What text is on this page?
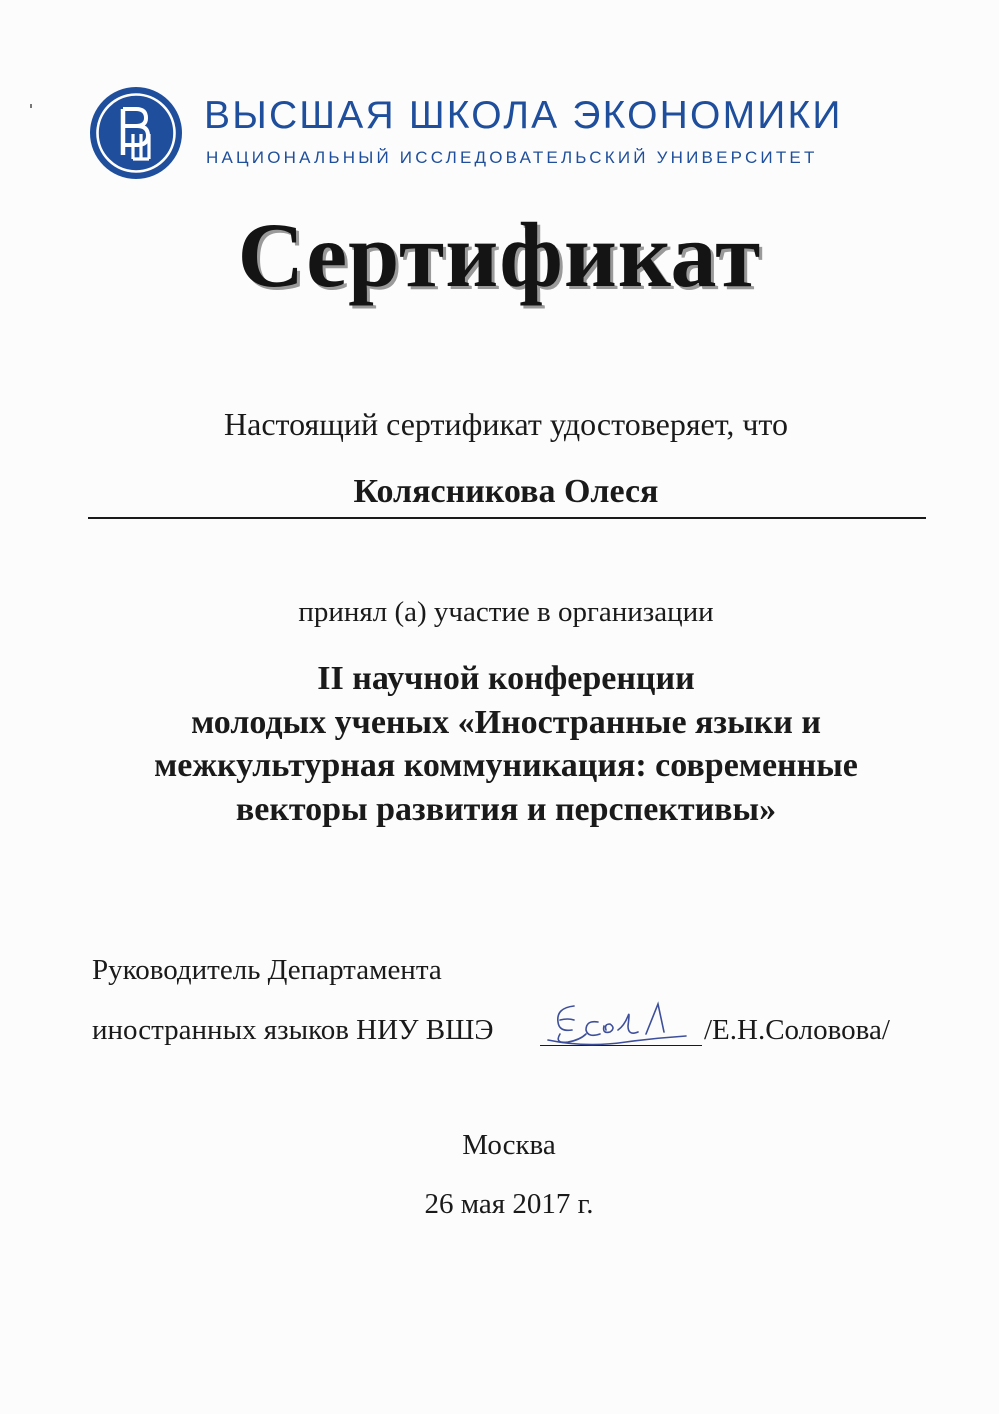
ВЫСШАЯ ШКОЛА ЭКОНОМИКИ
НАЦИОНАЛЬНЫЙ ИССЛЕДОВАТЕЛЬСКИЙ УНИВЕРСИТЕТ
Сертификат
Настоящий сертификат удостоверяет, что
Колясникова Олеся
принял (а) участие в организации
II научной конференции
молодых ученых «Иностранные языки и
межкультурная коммуникация: современные
векторы развития и перспективы»
Руководитель Департамента
иностранных языков НИУ ВШЭ	/Е.Н.Соловова/
Москва
26 мая 2017 г.
